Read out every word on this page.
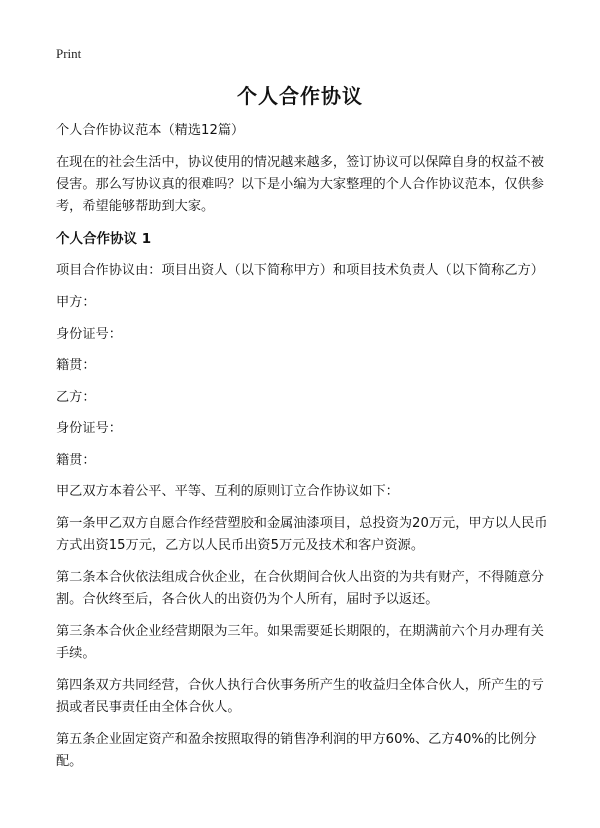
Print
个人合作协议

个人合作协议范本（精选12篇）

在现在的社会生活中，协议使用的情况越来越多，签订协议可以保障自身的权益不被侵害。那么写协议真的很难吗？以下是小编为大家整理的个人合作协议范本，仅供参考，希望能够帮助到大家。

个人合作协议 1

项目合作协议由：项目出资人（以下简称甲方）和项目技术负责人（以下简称乙方）

甲方：

身份证号：

籍贯：

乙方：

身份证号：

籍贯：

甲乙双方本着公平、平等、互利的原则订立合作协议如下：

第一条甲乙双方自愿合作经营塑胶和金属油漆项目，总投资为20万元，甲方以人民币方式出资15万元，乙方以人民币出资5万元及技术和客户资源。

第二条本合伙依法组成合伙企业，在合伙期间合伙人出资的为共有财产，不得随意分割。合伙终至后，各合伙人的出资仍为个人所有，届时予以返还。

第三条本合伙企业经营期限为三年。如果需要延长期限的，在期满前六个月办理有关手续。

第四条双方共同经营，合伙人执行合伙事务所产生的收益归全体合伙人，所产生的亏损或者民事责任由全体合伙人。

第五条企业固定资产和盈余按照取得的销售净利润的甲方60%、乙方40%的比例分配。
